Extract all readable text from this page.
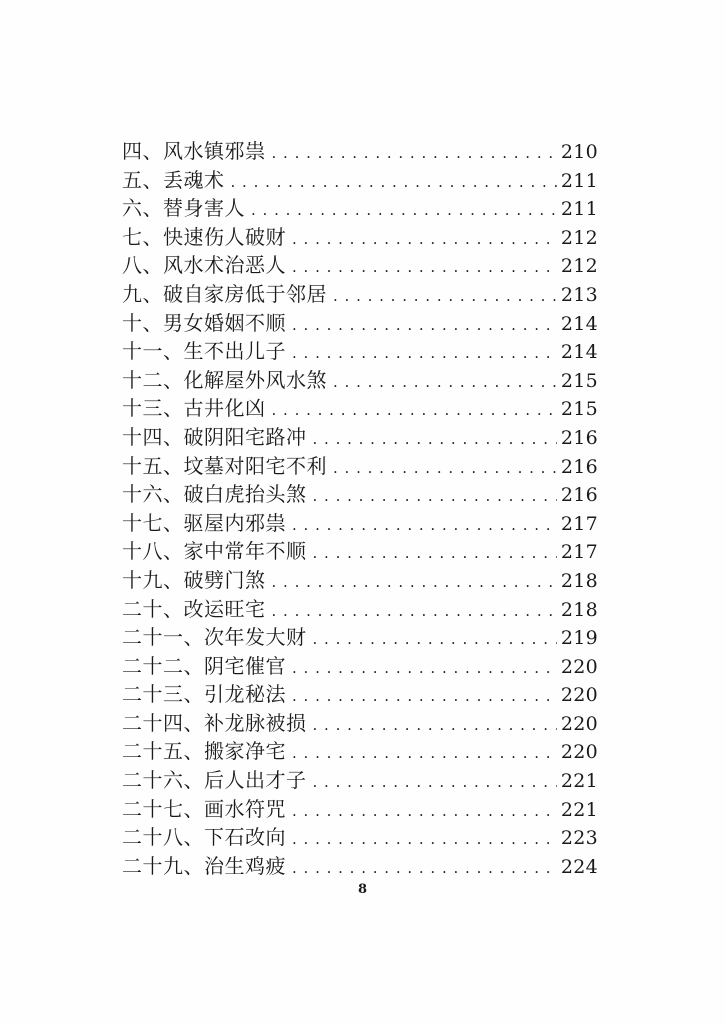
四、风水镇邪祟 . . .	210
五、丢魂术 . . .	211
六、替身害人 . . .	211
七、快速伤人破财 . . .	212
八、风水术治恶人 . . .	212
九、破自家房低于邻居 . . .	213
十、男女婚姻不顺 . . .	214
十一、生不出儿子 . . .	214
十二、化解屋外风水煞 . . .	215
十三、古井化凶 . . .	215
十四、破阴阳宅路冲 . . .	216
十五、坟墓对阳宅不利 . . .	216
十六、破白虎抬头煞 . . .	216
十七、驱屋内邪祟 . . .	217
十八、家中常年不顺 . . .	217
十九、破劈门煞 . . .	218
二十、改运旺宅 . . .	218
二十一、次年发大财 . . .	219
二十二、阴宅催官 . . .	220
二十三、引龙秘法 . . .	220
二十四、补龙脉被损 . . .	220
二十五、搬家净宅 . . .	220
二十六、后人出才子 . . .	221
二十七、画水符咒 . . .	221
二十八、下石改向 . . .	223
二十九、治生鸡疲 . . .	224
8
